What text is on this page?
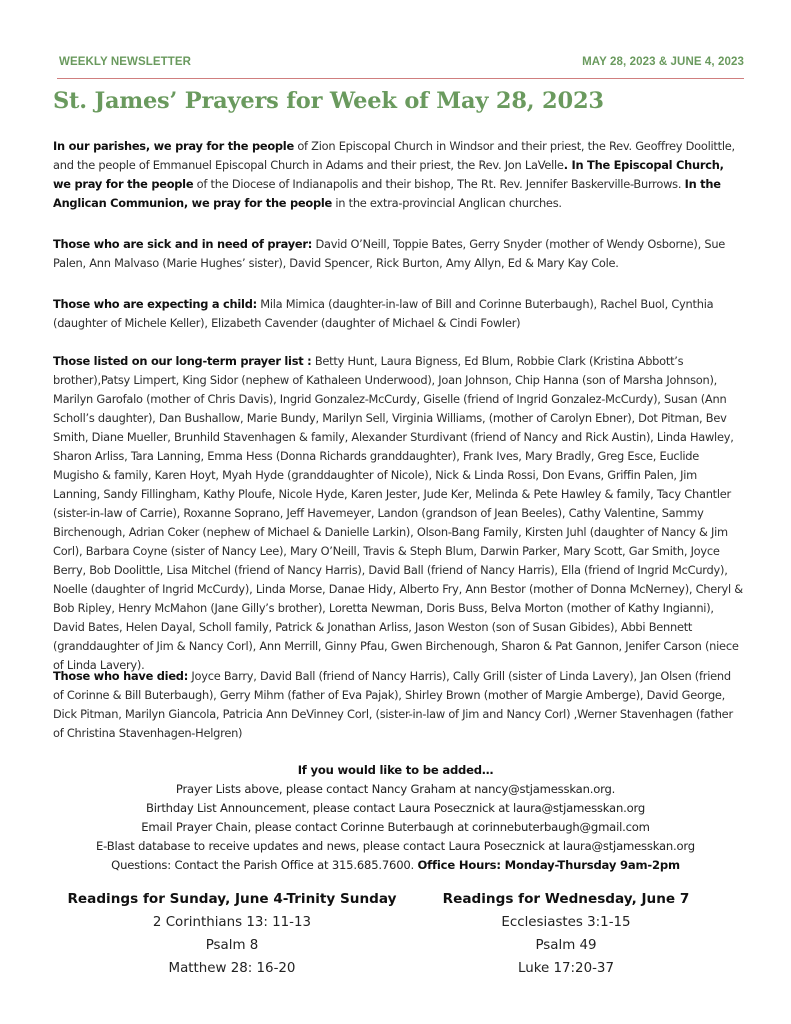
WEEKLY NEWSLETTER	MAY 28, 2023 & JUNE 4, 2023
St. James’ Prayers for Week of May 28, 2023

In our parishes, we pray for the people of Zion Episcopal Church in Windsor and their priest, the Rev. Geoffrey Doolittle, and the people of Emmanuel Episcopal Church in Adams and their priest, the Rev. Jon LaVelle. In The Episcopal Church, we pray for the people of the Diocese of Indianapolis and their bishop, The Rt. Rev. Jennifer Baskerville-Burrows. In the Anglican Communion, we pray for the people in the extra-provincial Anglican churches.

Those who are sick and in need of prayer: David O’Neill, Toppie Bates, Gerry Snyder (mother of Wendy Osborne), Sue Palen, Ann Malvaso (Marie Hughes’ sister), David Spencer, Rick Burton, Amy Allyn, Ed & Mary Kay Cole.

Those who are expecting a child: Mila Mimica (daughter-in-law of Bill and Corinne Buterbaugh), Rachel Buol, Cynthia (daughter of Michele Keller), Elizabeth Cavender (daughter of Michael & Cindi Fowler)

Those listed on our long-term prayer list : Betty Hunt, Laura Bigness, Ed Blum, Robbie Clark (Kristina Abbott’s brother),Patsy Limpert, King Sidor (nephew of Kathaleen Underwood), Joan Johnson, Chip Hanna (son of Marsha Johnson), Marilyn Garofalo (mother of Chris Davis), Ingrid Gonzalez-McCurdy, Giselle (friend of Ingrid Gonzalez-McCurdy), Susan (Ann Scholl’s daughter), Dan Bushallow, Marie Bundy, Marilyn Sell, Virginia Williams, (mother of Carolyn Ebner), Dot Pitman, Bev Smith, Diane Mueller, Brunhild Stavenhagen & family, Alexander Sturdivant (friend of Nancy and Rick Austin), Linda Hawley, Sharon Arliss, Tara Lanning, Emma Hess (Donna Richards granddaughter), Frank Ives, Mary Bradly, Greg Esce, Euclide Mugisho & family, Karen Hoyt, Myah Hyde (granddaughter of Nicole), Nick & Linda Rossi, Don Evans, Griffin Palen, Jim Lanning, Sandy Fillingham, Kathy Ploufe, Nicole Hyde, Karen Jester, Jude Ker, Melinda & Pete Hawley & family, Tacy Chantler (sister-in-law of Carrie), Roxanne Soprano, Jeff Havemeyer, Landon (grandson of Jean Beeles), Cathy Valentine, Sammy Birchenough, Adrian Coker (nephew of Michael & Danielle Larkin), Olson-Bang Family, Kirsten Juhl (daughter of Nancy & Jim Corl), Barbara Coyne (sister of Nancy Lee), Mary O’Neill, Travis & Steph Blum, Darwin Parker, Mary Scott, Gar Smith, Joyce Berry, Bob Doolittle, Lisa Mitchel (friend of Nancy Harris), David Ball (friend of Nancy Harris), Ella (friend of Ingrid McCurdy), Noelle (daughter of Ingrid McCurdy), Linda Morse, Danae Hidy, Alberto Fry, Ann Bestor (mother of Donna McNerney), Cheryl & Bob Ripley, Henry McMahon (Jane Gilly’s brother), Loretta Newman, Doris Buss, Belva Morton (mother of Kathy Ingianni), David Bates, Helen Dayal, Scholl family, Patrick & Jonathan Arliss, Jason Weston (son of Susan Gibides), Abbi Bennett (granddaughter of Jim & Nancy Corl), Ann Merrill, Ginny Pfau, Gwen Birchenough, Sharon & Pat Gannon, Jenifer Carson (niece of Linda Lavery).

Those who have died: Joyce Barry, David Ball (friend of Nancy Harris), Cally Grill (sister of Linda Lavery), Jan Olsen (friend of Corinne & Bill Buterbaugh), Gerry Mihm (father of Eva Pajak), Shirley Brown (mother of Margie Amberge), David George, Dick Pitman, Marilyn Giancola, Patricia Ann DeVinney Corl, (sister-in-law of Jim and Nancy Corl) ,Werner Stavenhagen (father of Christina Stavenhagen-Helgren)

If you would like to be added…
Prayer Lists above, please contact Nancy Graham at nancy@stjamesskan.org.
Birthday List Announcement, please contact Laura Posecznick at laura@stjamesskan.org
Email Prayer Chain, please contact Corinne Buterbaugh at corinnebuterbaugh@gmail.com
E-Blast database to receive updates and news, please contact Laura Posecznick at laura@stjamesskan.org
Questions: Contact the Parish Office at 315.685.7600. Office Hours: Monday-Thursday 9am-2pm
Readings for Sunday, June 4-Trinity Sunday
2 Corinthians 13: 11-13
Psalm 8
Matthew 28: 16-20
Readings for Wednesday, June 7
Ecclesiastes 3:1-15
Psalm 49
Luke 17:20-37
